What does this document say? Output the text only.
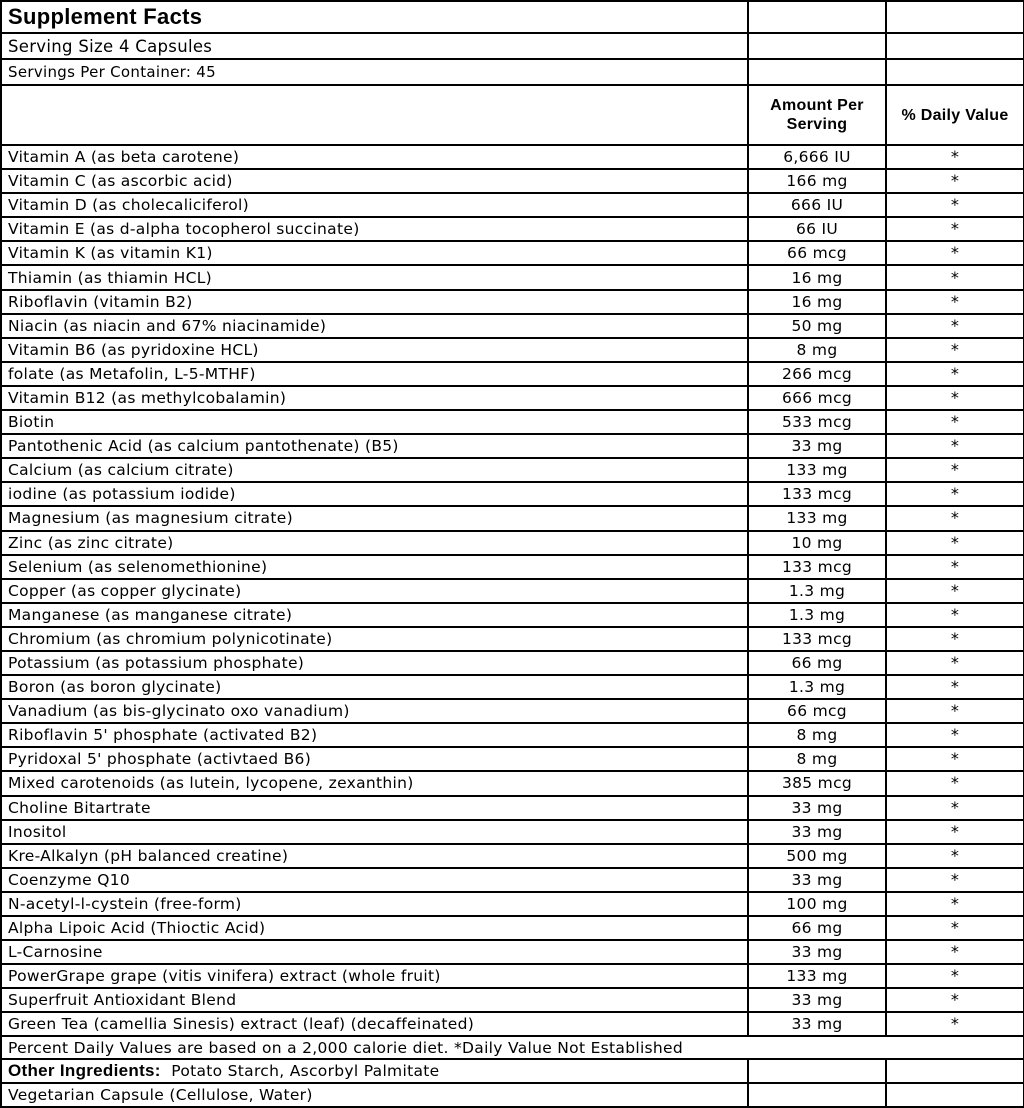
Supplement Facts		
Serving Size 4 Capsules		
Servings Per Container: 45		

	Amount Per Serving	% Daily Value

Vitamin A (as beta carotene)	6,666 IU	*
Vitamin C (as ascorbic acid)	166 mg	*
Vitamin D (as cholecaliciferol)	666 IU	*
Vitamin E (as d-alpha tocopherol succinate)	66 IU	*
Vitamin K (as vitamin K1)	66 mcg	*
Thiamin (as thiamin HCL)	16 mg	*
Riboflavin (vitamin B2)	16 mg	*
Niacin (as niacin and 67% niacinamide)	50 mg	*
Vitamin B6 (as pyridoxine HCL)	8 mg	*
folate (as Metafolin, L-5-MTHF)	266 mcg	*
Vitamin B12 (as methylcobalamin)	666 mcg	*
Biotin	533 mcg	*
Pantothenic Acid (as calcium pantothenate) (B5)	33 mg	*
Calcium (as calcium citrate)	133 mg	*
iodine (as potassium iodide)	133 mcg	*
Magnesium (as magnesium citrate)	133 mg	*
Zinc (as zinc citrate)	10 mg	*
Selenium (as selenomethionine)	133 mcg	*
Copper (as copper glycinate)	1.3 mg	*
Manganese (as manganese citrate)	1.3 mg	*
Chromium (as chromium polynicotinate)	133 mcg	*
Potassium (as potassium phosphate)	66 mg	*
Boron (as boron glycinate)	1.3 mg	*
Vanadium (as bis-glycinato oxo vanadium)	66 mcg	*
Riboflavin 5' phosphate (activated B2)	8 mg	*
Pyridoxal 5' phosphate (activtaed B6)	8 mg	*
Mixed carotenoids (as lutein, lycopene, zexanthin)	385 mcg	*
Choline Bitartrate	33 mg	*
Inositol	33 mg	*
Kre-Alkalyn (pH balanced creatine)	500 mg	*
Coenzyme Q10	33 mg	*
N-acetyl-l-cystein (free-form)	100 mg	*
Alpha Lipoic Acid (Thioctic Acid)	66 mg	*
L-Carnosine	33 mg	*
PowerGrape grape (vitis vinifera) extract (whole fruit)	133 mg	*
Superfruit Antioxidant Blend	33 mg	*
Green Tea (camellia Sinesis) extract (leaf) (decaffeinated)	33 mg	*
Percent Daily Values are based on a 2,000 calorie diet. *Daily Value Not Established		
Other Ingredients: Potato Starch, Ascorbyl Palmitate		
Vegetarian Capsule (Cellulose, Water)		
